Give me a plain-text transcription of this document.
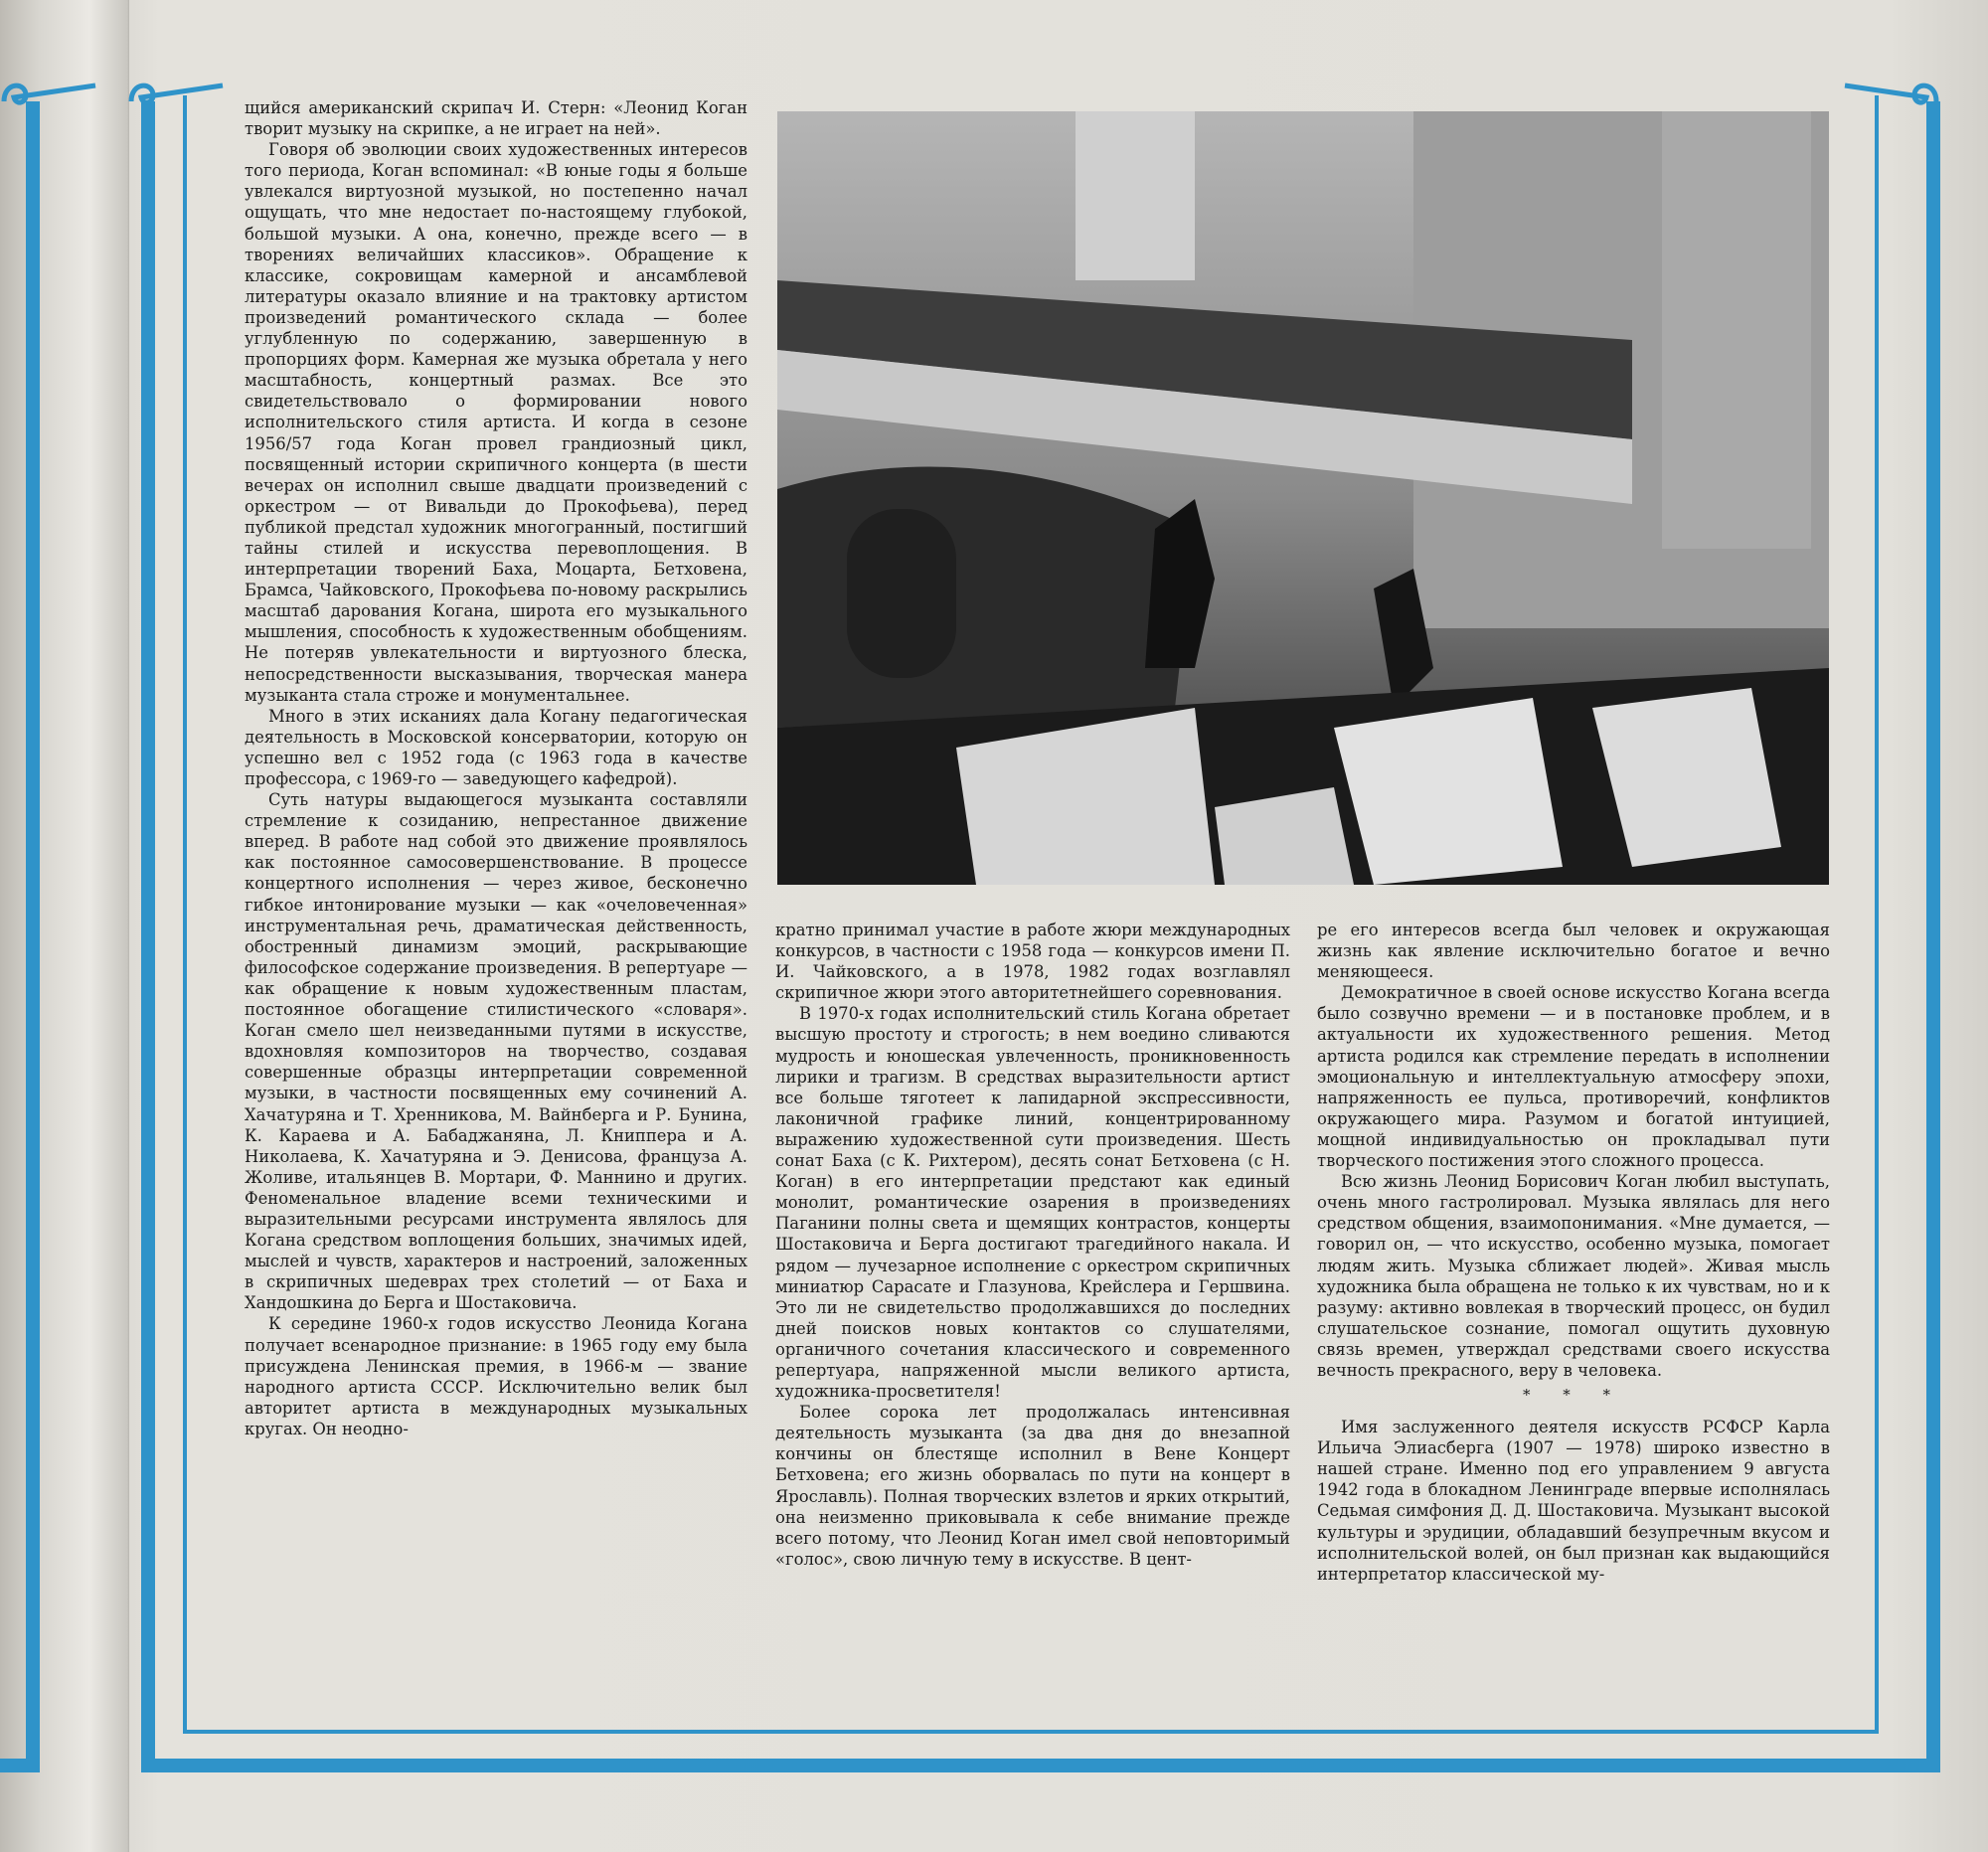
щийся американский скрипач И. Стерн: «Леонид Коган творит музыку на скрипке, а не играет на ней».

Говоря об эволюции своих художественных интересов того периода, Коган вспоминал: «В юные годы я больше увлекался виртуозной музыкой, но постепенно начал ощущать, что мне недостает по-настоящему глубокой, большой музыки. А она, конечно, прежде всего — в творениях величайших классиков». Обращение к классике, сокровищам камерной и ансамблевой литературы оказало влияние и на трактовку артистом произведений романтического склада — более углубленную по содержанию, завершенную в пропорциях форм. Камерная же музыка обретала у него масштабность, концертный размах. Все это свидетельствовало о формировании нового исполнительского стиля артиста. И когда в сезоне 1956/57 года Коган провел грандиозный цикл, посвященный истории скрипичного концерта (в шести вечерах он исполнил свыше двадцати произведений с оркестром — от Вивальди до Прокофьева), перед публикой предстал художник многогранный, постигший тайны стилей и искусства перевоплощения. В интерпретации творений Баха, Моцарта, Бетховена, Брамса, Чайковского, Прокофьева по-новому раскрылись масштаб дарования Когана, широта его музыкального мышления, способность к художественным обобщениям. Не потеряв увлекательности и виртуозного блеска, непосредственности высказывания, творческая манера музыканта стала строже и монументальнее.

Много в этих исканиях дала Когану педагогическая деятельность в Московской консерватории, которую он успешно вел с 1952 года (с 1963 года в качестве профессора, с 1969-го — заведующего кафедрой).

Суть натуры выдающегося музыканта составляли стремление к созиданию, непрестанное движение вперед. В работе над собой это движение проявлялось как постоянное самосовершенствование. В процессе концертного исполнения — через живое, бесконечно гибкое интонирование музыки — как «очеловеченная» инструментальная речь, драматическая действенность, обостренный динамизм эмоций, раскрывающие философское содержание произведения. В репертуаре — как обращение к новым художественным пластам, постоянное обогащение стилистического «словаря». Коган смело шел неизведанными путями в искусстве, вдохновляя композиторов на творчество, создавая совершенные образцы интерпретации современной музыки, в частности посвященных ему сочинений А. Хачатуряна и Т. Хренникова, М. Вайнберга и Р. Бунина, К. Караева и А. Бабаджаняна, Л. Книппера и А. Николаева, К. Хачатуряна и Э. Денисова, француза А. Жоливе, итальянцев В. Мортари, Ф. Маннино и других. Феноменальное владение всеми техническими и выразительными ресурсами инструмента являлось для Когана средством воплощения больших, значимых идей, мыслей и чувств, характеров и настроений, заложенных в скрипичных шедеврах трех столетий — от Баха и Хандошкина до Берга и Шостаковича.

К середине 1960-х годов искусство Леонида Когана получает всенародное признание: в 1965 году ему была присуждена Ленинская премия, в 1966-м — звание народного артиста СССР. Исключительно велик был авторитет артиста в международных музыкальных кругах. Он неодно-

кратно принимал участие в работе жюри международных конкурсов, в частности с 1958 года — конкурсов имени П. И. Чайковского, а в 1978, 1982 годах возглавлял скрипичное жюри этого авторитетнейшего соревнования.

В 1970-х годах исполнительский стиль Когана обретает высшую простоту и строгость; в нем воедино сливаются мудрость и юношеская увлеченность, проникновенность лирики и трагизм. В средствах выразительности артист все больше тяготеет к лапидарной экспрессивности, лаконичной графике линий, концентрированному выражению художественной сути произведения. Шесть сонат Баха (с К. Рихтером), десять сонат Бетховена (с Н. Коган) в его интерпретации предстают как единый монолит, романтические озарения в произведениях Паганини полны света и щемящих контрастов, концерты Шостаковича и Берга достигают трагедийного накала. И рядом — лучезарное исполнение с оркестром скрипичных миниатюр Сарасате и Глазунова, Крейслера и Гершвина. Это ли не свидетельство продолжавшихся до последних дней поисков новых контактов со слушателями, органичного сочетания классического и современного репертуара, напряженной мысли великого артиста, художника-просветителя!

Более сорока лет продолжалась интенсивная деятельность музыканта (за два дня до внезапной кончины он блестяще исполнил в Вене Концерт Бетховена; его жизнь оборвалась по пути на концерт в Ярославль). Полная творческих взлетов и ярких открытий, она неизменно приковывала к себе внимание прежде всего потому, что Леонид Коган имел свой неповторимый «голос», свою личную тему в искусстве. В цент-

ре его интересов всегда был человек и окружающая жизнь как явление исключительно богатое и вечно меняющееся.

Демократичное в своей основе искусство Когана всегда было созвучно времени — и в постановке проблем, и в актуальности их художественного решения. Метод артиста родился как стремление передать в исполнении эмоциональную и интеллектуальную атмосферу эпохи, напряженность ее пульса, противоречий, конфликтов окружающего мира. Разумом и богатой интуицией, мощной индивидуальностью он прокладывал пути творческого постижения этого сложного процесса.

Всю жизнь Леонид Борисович Коган любил выступать, очень много гастролировал. Музыка являлась для него средством общения, взаимопонимания. «Мне думается, — говорил он, — что искусство, особенно музыка, помогает людям жить. Музыка сближает людей». Живая мысль художника была обращена не только к их чувствам, но и к разуму: активно вовлекая в творческий процесс, он будил слушательское сознание, помогал ощутить духовную связь времен, утверждал средствами своего искусства вечность прекрасного, веру в человека.

* * *

Имя заслуженного деятеля искусств РСФСР Карла Ильича Элиасберга (1907 — 1978) широко известно в нашей стране. Именно под его управлением 9 августа 1942 года в блокадном Ленинграде впервые исполнялась Седьмая симфония Д. Д. Шостаковича. Музыкант высокой культуры и эрудиции, обладавший безупречным вкусом и исполнительской волей, он был признан как выдающийся интерпретатор классической му-
